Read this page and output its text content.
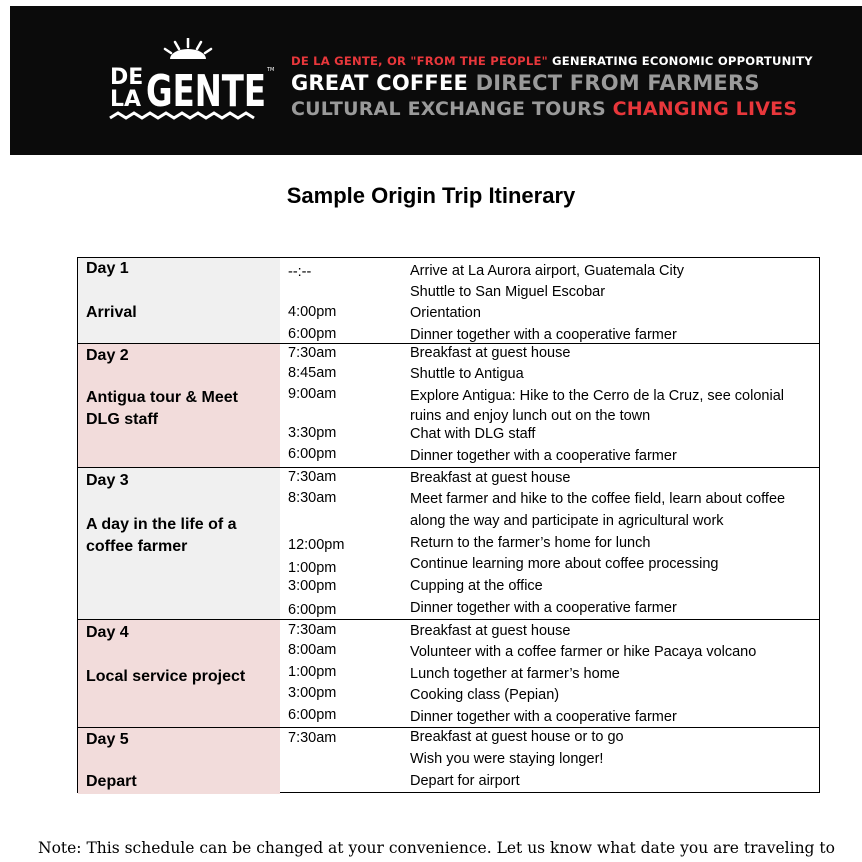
DE
LA GENTE TM
DE LA GENTE, OR "FROM THE PEOPLE" GENERATING ECONOMIC OPPORTUNITY
GREAT COFFEE DIRECT FROM FARMERS
CULTURAL EXCHANGE TOURS CHANGING LIVES
Sample Origin Trip Itinerary
Day 1
Arrival
--:--	Arrive at La Aurora airport, Guatemala City
Shuttle to San Miguel Escobar
4:00pm	Orientation
6:00pm	Dinner together with a cooperative farmer
Day 2
Antigua tour & Meet DLG staff
7:30am	Breakfast at guest house
8:45am	Shuttle to Antigua
9:00am	Explore Antigua: Hike to the Cerro de la Cruz, see colonial ruins and enjoy lunch out on the town
3:30pm	Chat with DLG staff
6:00pm	Dinner together with a cooperative farmer
Day 3
A day in the life of a coffee farmer
7:30am	Breakfast at guest house
8:30am	Meet farmer and hike to the coffee field, learn about coffee
along the way and participate in agricultural work
12:00pm	Return to the farmer’s home for lunch
1:00pm	Continue learning more about coffee processing
3:00pm	Cupping at the office
6:00pm	Dinner together with a cooperative farmer
Day 4
Local service project
7:30am	Breakfast at guest house
8:00am	Volunteer with a coffee farmer or hike Pacaya volcano
1:00pm	Lunch together at farmer’s home
3:00pm	Cooking class (Pepian)
6:00pm	Dinner together with a cooperative farmer
Day 5
Depart
7:30am	Breakfast at guest house or to go
Wish you were staying longer!
Depart for airport
Note: This schedule can be changed at your convenience. Let us know what date you are traveling to
